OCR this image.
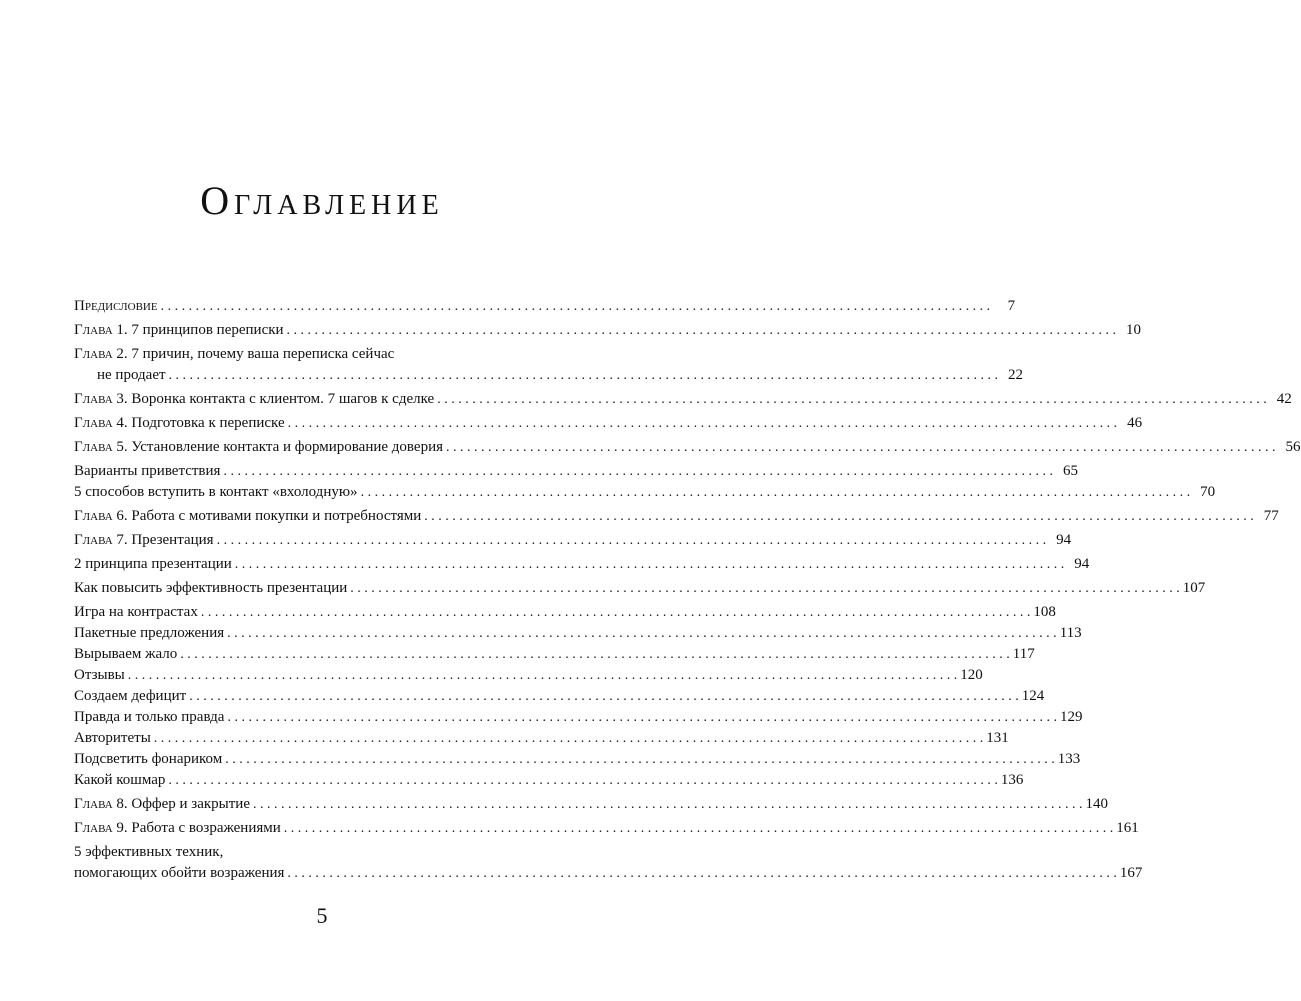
Оглавление
Предисловие . . .	7
Глава 1. 7 принципов переписки . . .	10
Глава 2. 7 причин, почему ваша переписка сейчас
не продает . . .	22
Глава 3. Воронка контакта с клиентом. 7 шагов к сделке . . .	42
Глава 4. Подготовка к переписке . . .	46
Глава 5. Установление контакта и формирование доверия . . .	56
Варианты приветствия . . .	65
5 способов вступить в контакт «вхолодную» . . .	70
Глава 6. Работа с мотивами покупки и потребностями . . .	77
Глава 7. Презентация . . .	94
2 принципа презентации . . .	94
Как повысить эффективность презентации . . .	107
Игра на контрастах . . .	108
Пакетные предложения . . .	113
Вырываем жало . . .	117
Отзывы . . .	120
Создаем дефицит . . .	124
Правда и только правда . . .	129
Авторитеты . . .	131
Подсветить фонариком . . .	133
Какой кошмар . . .	136
Глава 8. Оффер и закрытие . . .	140
Глава 9. Работа с возражениями . . .	161
5 эффективных техник,
помогающих обойти возражения . . .	167
5
